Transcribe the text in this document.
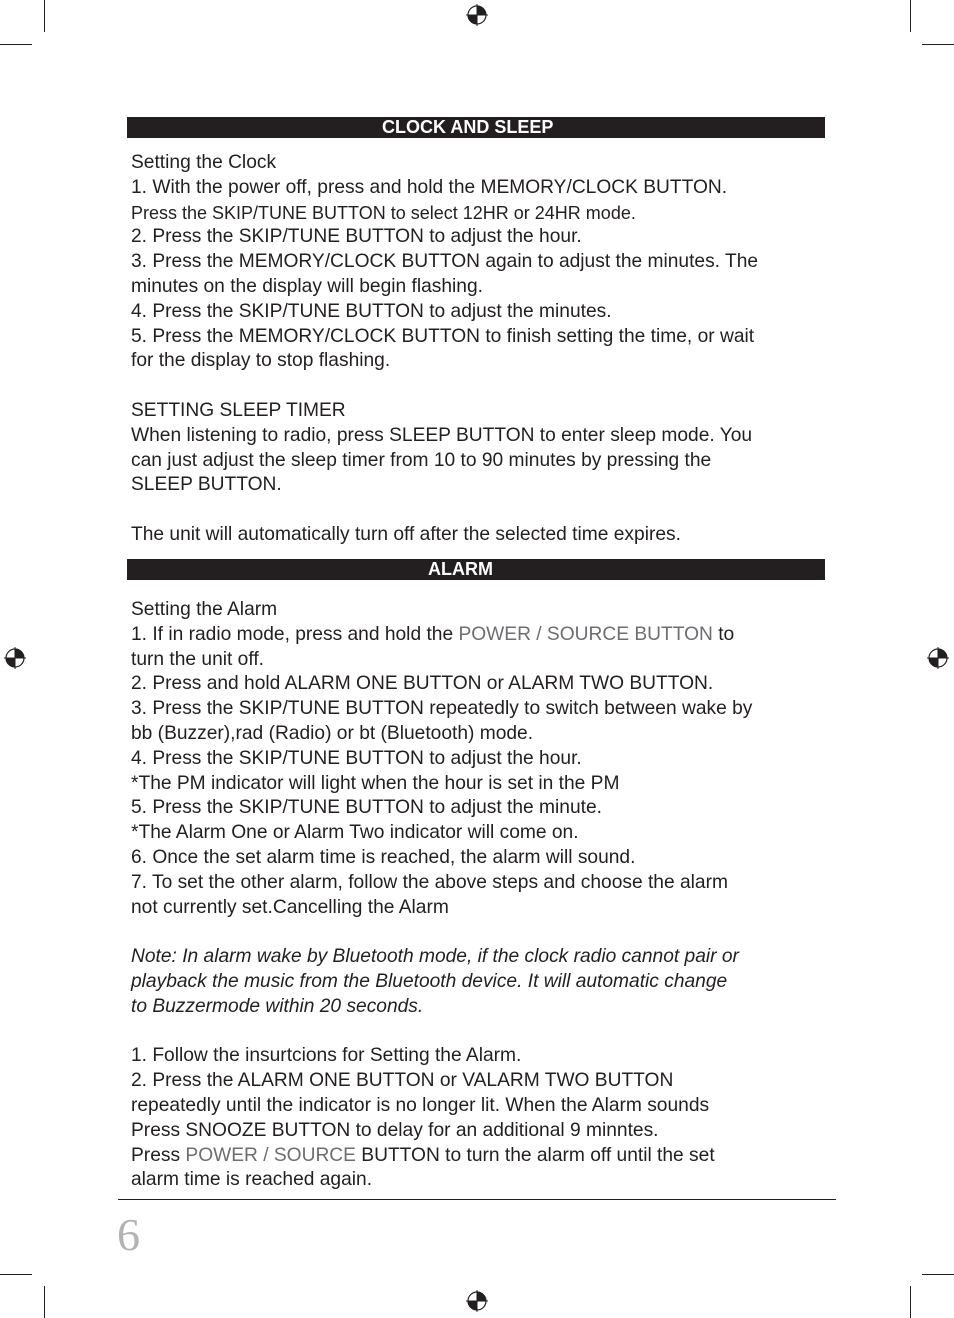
CLOCK AND SLEEP
Setting the Clock
1. With the power off, press and hold the MEMORY/CLOCK BUTTON.
Press the SKIP/TUNE BUTTON to select 12HR or 24HR mode.
2. Press the SKIP/TUNE BUTTON to adjust the hour.
3. Press the MEMORY/CLOCK BUTTON again to adjust the minutes. The
minutes on the display will begin flashing.
4. Press the SKIP/TUNE BUTTON to adjust the minutes.
5. Press the MEMORY/CLOCK BUTTON to finish setting the time, or wait
for the display to stop flashing.
SETTING SLEEP TIMER
When listening to radio, press SLEEP BUTTON to enter sleep mode. You
can just adjust the sleep timer from 10 to 90 minutes by pressing the
SLEEP BUTTON.
The unit will automatically turn off after the selected time expires.
ALARM
Setting the Alarm
1. If in radio mode, press and hold the POWER / SOURCE BUTTON to
turn the unit off.
2. Press and hold ALARM ONE BUTTON or ALARM TWO BUTTON.
3. Press the SKIP/TUNE BUTTON repeatedly to switch between wake by
bb (Buzzer),rad (Radio) or bt (Bluetooth) mode.
4. Press the SKIP/TUNE BUTTON to adjust the hour.
*The PM indicator will light when the hour is set in the PM
5. Press the SKIP/TUNE BUTTON to adjust the minute.
*The Alarm One or Alarm Two indicator will come on.
6. Once the set alarm time is reached, the alarm will sound.
7. To set the other alarm, follow the above steps and choose the alarm
not currently set.Cancelling the Alarm
Note: In alarm wake by Bluetooth mode, if the clock radio cannot pair or
playback the music from the Bluetooth device. It will automatic change
to Buzzermode within 20 seconds.
1. Follow the insurtcions for Setting the Alarm.
2. Press the ALARM ONE BUTTON or VALARM TWO BUTTON
repeatedly until the indicator is no longer lit. When the Alarm sounds
Press SNOOZE BUTTON to delay for an additional 9 minntes.
Press POWER / SOURCE BUTTON to turn the alarm off until the set
alarm time is reached again.
6
